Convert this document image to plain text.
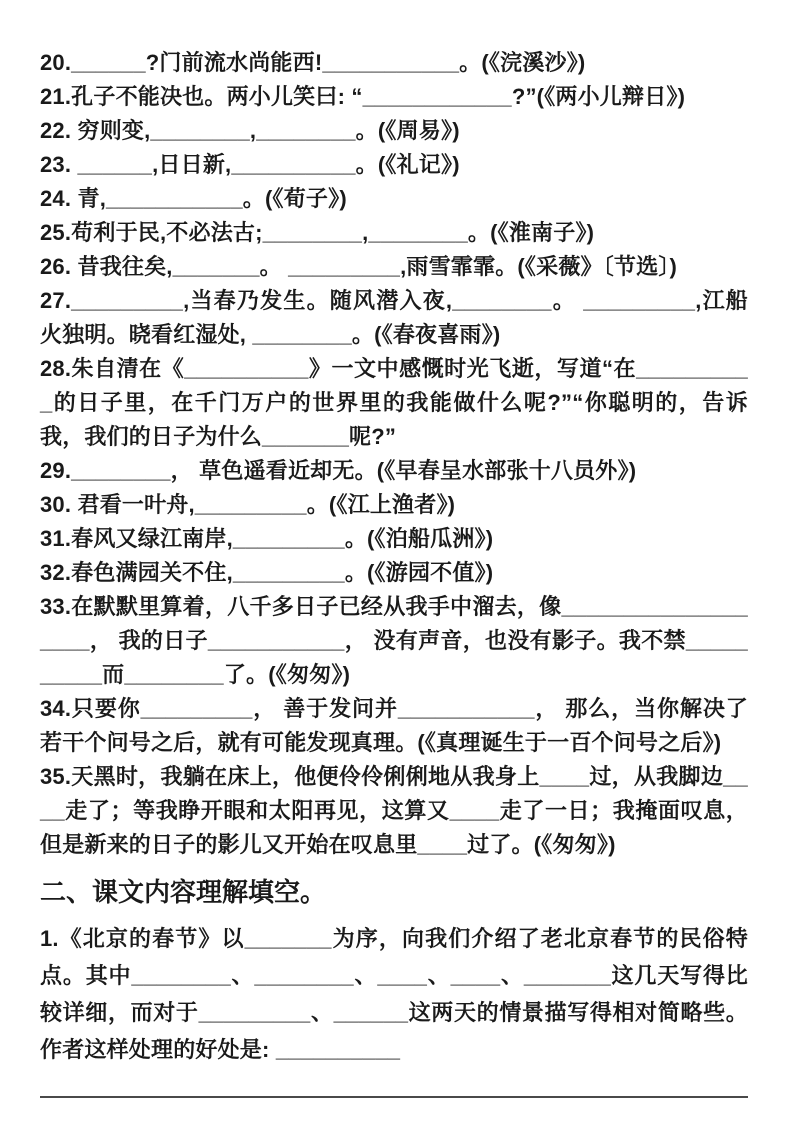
20.______?门前流水尚能西!___________。(《浣溪沙》)

21.孔子不能决也。两小儿笑曰: “____________?”(《两小儿辩日》)

22. 穷则变,________,________。(《周易》)

23. ______,日日新,__________。(《礼记》)

24. 青,___________。(《荀子》)

25.苟利于民,不必法古;________,________。(《淮南子》)

26. 昔我往矣,_______。 _________,雨雪霏霏。(《采薇》〔节选〕)

27._________,当春乃发生。随风潜入夜,________。 _________,江船火独明。晓看红湿处, ________。(《春夜喜雨》)

28.朱自清在《__________》一文中感慨时光飞逝，写道“在__________的日子里，在千门万户的世界里的我能做什么呢?”“你聪明的，告诉我，我们的日子为什么_______呢?”

29.________， 草色遥看近却无。(《早春呈水部张十八员外》)

30. 君看一叶舟,_________。(《江上渔者》)

31.春风又绿江南岸,_________。(《泊船瓜洲》)

32.春色满园关不住,_________。(《游园不值》)

33.在默默里算着，八千多日子已经从我手中溜去，像___________________， 我的日子___________， 没有声音，也没有影子。我不禁__________而________了。(《匆匆》)

34.只要你_________， 善于发问并___________， 那么，当你解决了若干个问号之后，就有可能发现真理。(《真理诞生于一百个问号之后》)

35.天黑时，我躺在床上，他便伶伶俐俐地从我身上____过，从我脚边____走了；等我睁开眼和太阳再见，这算又____走了一日；我掩面叹息，但是新来的日子的影儿又开始在叹息里____过了。(《匆匆》)

二、课文内容理解填空。

1.《北京的春节》以_______为序，向我们介绍了老北京春节的民俗特点。其中________、________、____、____、_______这几天写得比较详细，而对于_________、______这两天的情景描写得相对简略些。作者这样处理的好处是: __________
